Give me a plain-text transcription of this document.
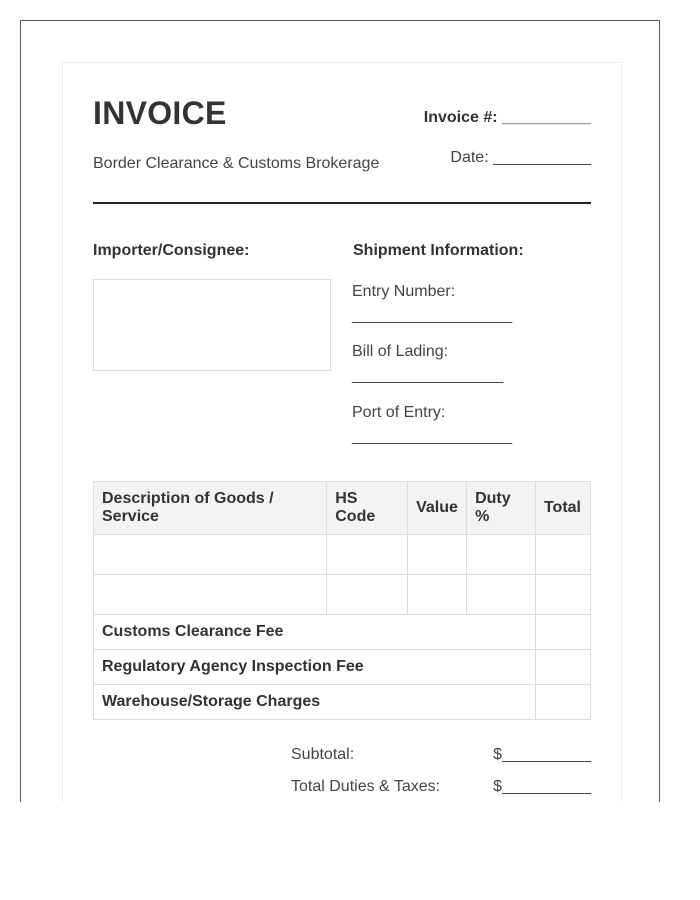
INVOICE
Border Clearance & Customs Brokerage
Invoice #: __________
Date: ___________
Importer/Consignee:	Shipment Information:
Entry Number:
__________________
Bill of Lading:
_________________
Port of Entry:
__________________
Description of Goods / Service	HS Code	Value	Duty %	Total

Customs Clearance Fee				
Regulatory Agency Inspection Fee				
Warehouse/Storage Charges				
Subtotal:	$__________
Total Duties & Taxes:	$__________
